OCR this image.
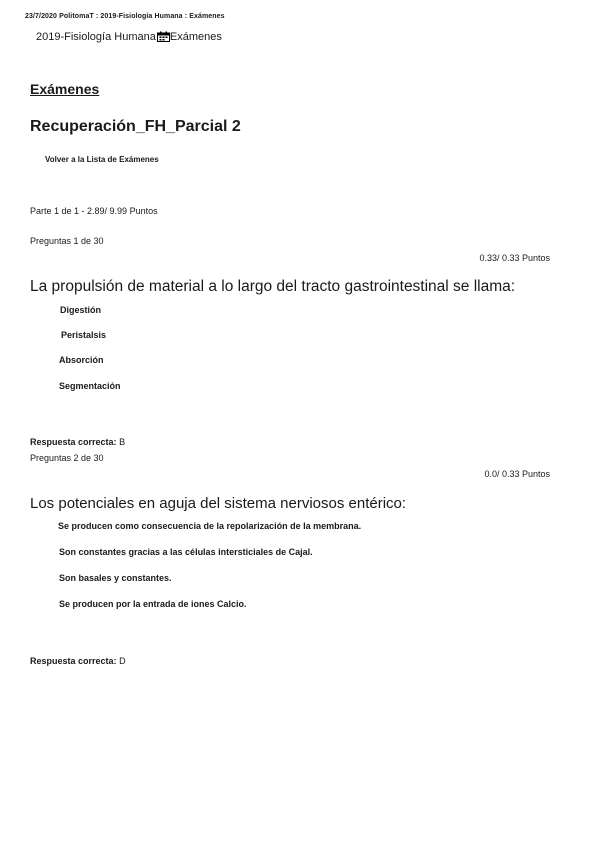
23/7/2020 PolitomaT : 2019-Fisiología Humana : Exámenes
2019-Fisiología Humana Exámenes
Exámenes
Recuperación_FH_Parcial 2
Volver a la Lista de Exámenes
Parte 1 de 1 - 2.89/ 9.99 Puntos
Preguntas 1 de 30
0.33/ 0.33 Puntos
La propulsión de material a lo largo del tracto gastrointestinal se llama:
Digestión
Peristalsis
Absorción
Segmentación
Respuesta correcta: B
Preguntas 2 de 30
0.0/ 0.33 Puntos
Los potenciales en aguja del sistema nerviosos entérico:
Se producen como consecuencia de la repolarización de la membrana.
Son constantes gracias a las células intersticiales de Cajal.
Son basales y constantes.
Se producen por la entrada de iones Calcio.
Respuesta correcta: D
